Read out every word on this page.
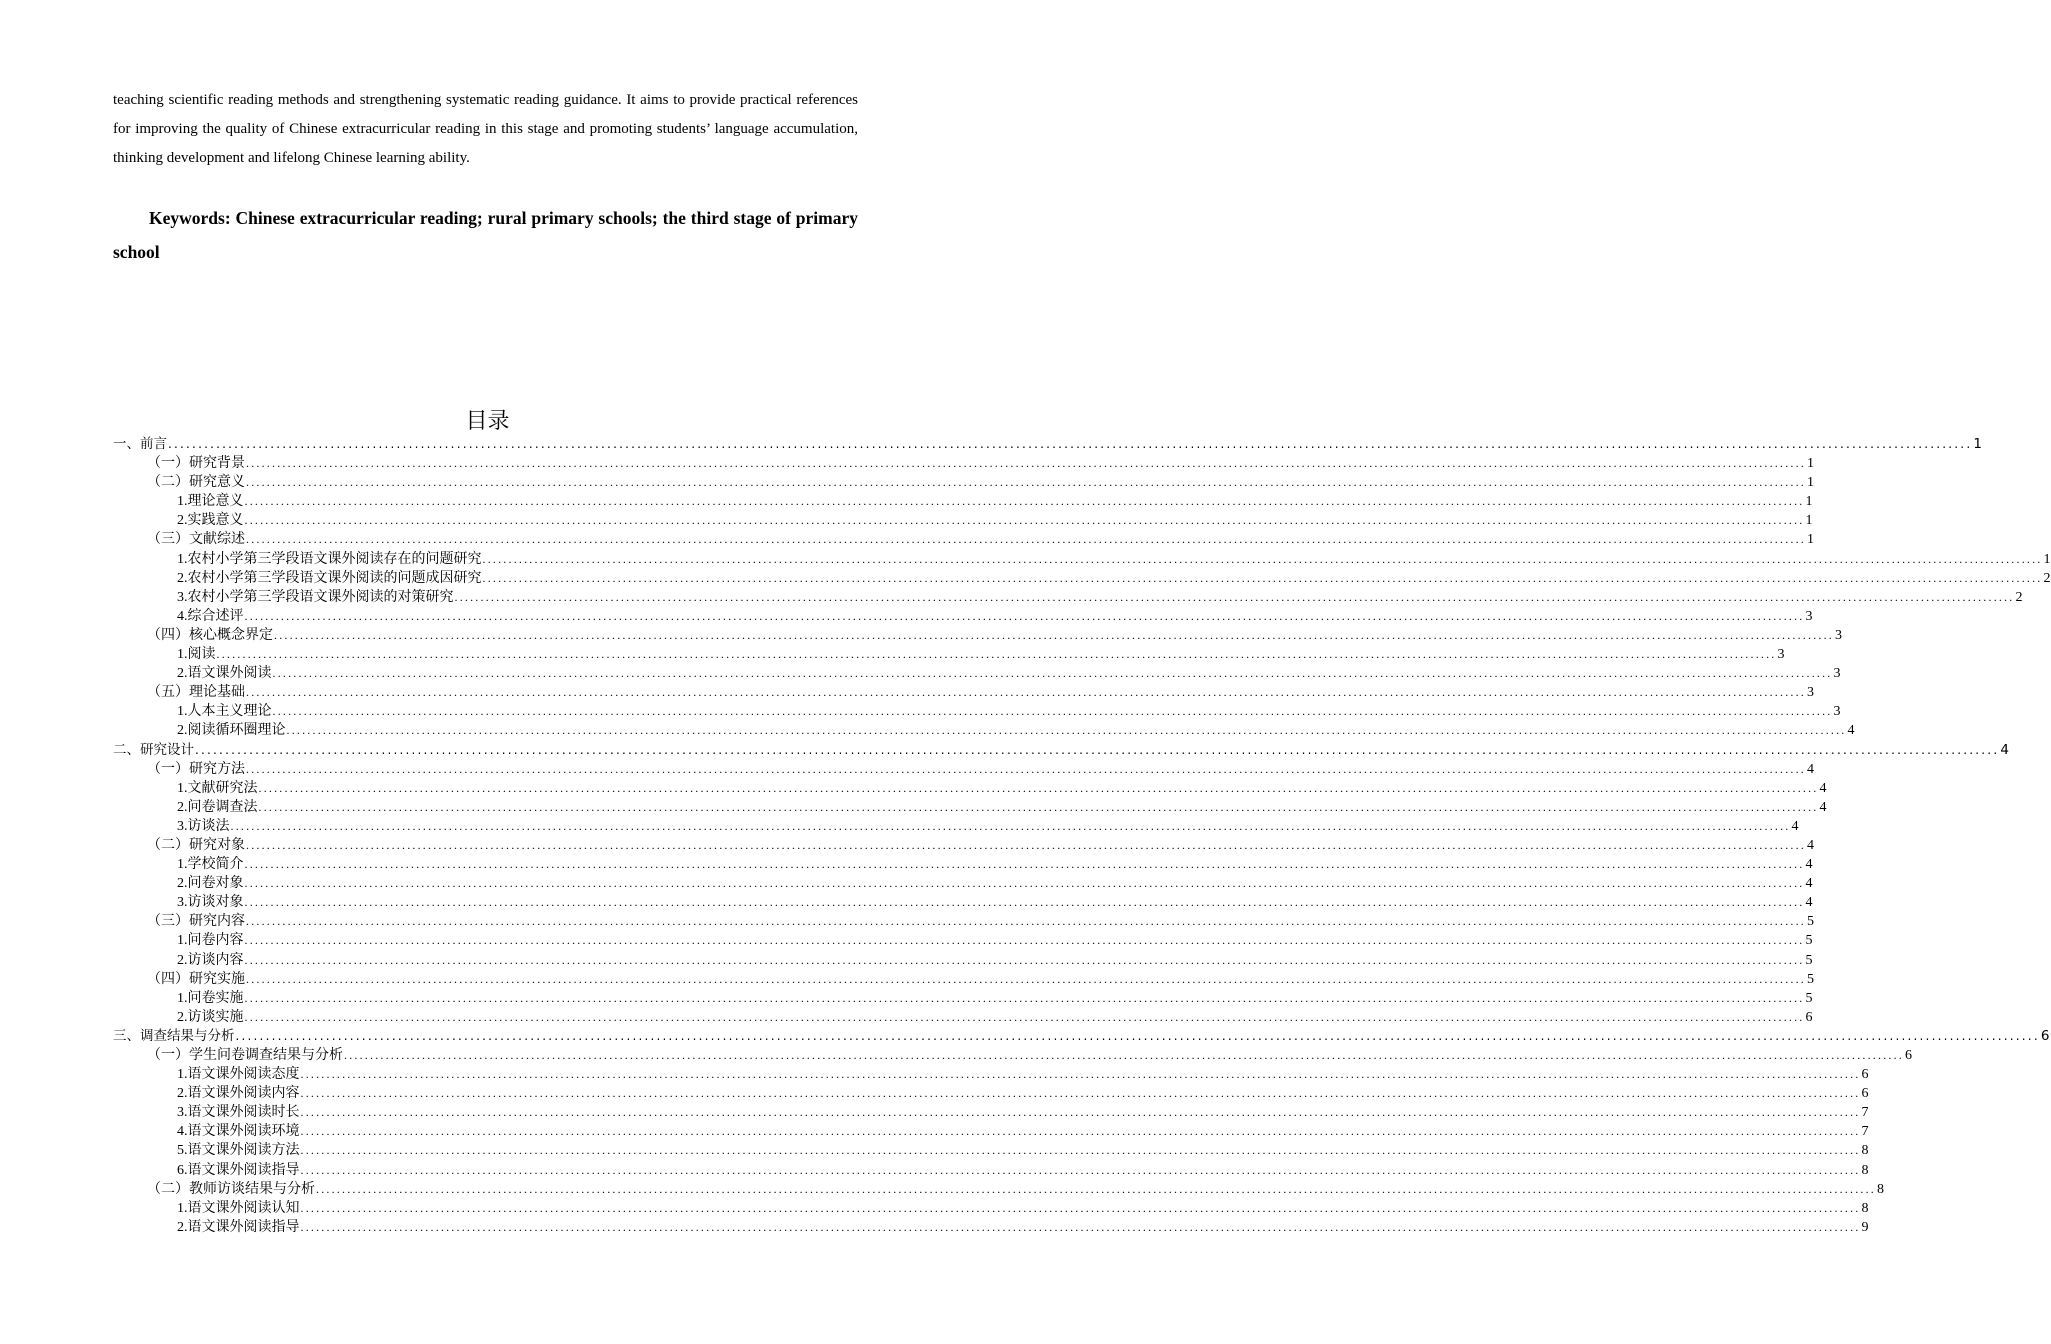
teaching scientific reading methods and strengthening systematic reading guidance. It aims to provide practical references for improving the quality of Chinese extracurricular reading in this stage and promoting students’ language accumulation, thinking development and lifelong Chinese learning ability.
Keywords: Chinese extracurricular reading; rural primary schools; the third stage of primary school
目录
一、前言 ............................................................................................................................................................................................................................................................................................................ 1
（一）研究背景 ............................................................................................................................................................................................................................................................................................................ 1
（二）研究意义 ............................................................................................................................................................................................................................................................................................................ 1
1.理论意义 ............................................................................................................................................................................................................................................................................................................ 1
2.实践意义 ............................................................................................................................................................................................................................................................................................................ 1
（三）文献综述 ............................................................................................................................................................................................................................................................................................................ 1
1.农村小学第三学段语文课外阅读存在的问题研究 ............................................................................................................................................................................................................................................................................................................ 1
2.农村小学第三学段语文课外阅读的问题成因研究 ............................................................................................................................................................................................................................................................................................................ 2
3.农村小学第三学段语文课外阅读的对策研究 ............................................................................................................................................................................................................................................................................................................ 2
4.综合述评 ............................................................................................................................................................................................................................................................................................................ 3
（四）核心概念界定 ............................................................................................................................................................................................................................................................................................................ 3
1.阅读 ............................................................................................................................................................................................................................................................................................................ 3
2.语文课外阅读 ............................................................................................................................................................................................................................................................................................................ 3
（五）理论基础 ............................................................................................................................................................................................................................................................................................................ 3
1.人本主义理论 ............................................................................................................................................................................................................................................................................................................ 3
2.阅读循环圈理论 ............................................................................................................................................................................................................................................................................................................ 4
二、研究设计 ............................................................................................................................................................................................................................................................................................................ 4
（一）研究方法 ............................................................................................................................................................................................................................................................................................................ 4
1.文献研究法 ............................................................................................................................................................................................................................................................................................................ 4
2.问卷调查法 ............................................................................................................................................................................................................................................................................................................ 4
3.访谈法 ............................................................................................................................................................................................................................................................................................................ 4
（二）研究对象 ............................................................................................................................................................................................................................................................................................................ 4
1.学校简介 ............................................................................................................................................................................................................................................................................................................ 4
2.问卷对象 ............................................................................................................................................................................................................................................................................................................ 4
3.访谈对象 ............................................................................................................................................................................................................................................................................................................ 4
（三）研究内容 ............................................................................................................................................................................................................................................................................................................ 5
1.问卷内容 ............................................................................................................................................................................................................................................................................................................ 5
2.访谈内容 ............................................................................................................................................................................................................................................................................................................ 5
（四）研究实施 ............................................................................................................................................................................................................................................................................................................ 5
1.问卷实施 ............................................................................................................................................................................................................................................................................................................ 5
2.访谈实施 ............................................................................................................................................................................................................................................................................................................ 6
三、调查结果与分析 ............................................................................................................................................................................................................................................................................................................ 6
（一）学生问卷调查结果与分析 ............................................................................................................................................................................................................................................................................................................ 6
1.语文课外阅读态度 ............................................................................................................................................................................................................................................................................................................ 6
2.语文课外阅读内容 ............................................................................................................................................................................................................................................................................................................ 6
3.语文课外阅读时长 ............................................................................................................................................................................................................................................................................................................ 7
4.语文课外阅读环境 ............................................................................................................................................................................................................................................................................................................ 7
5.语文课外阅读方法 ............................................................................................................................................................................................................................................................................................................ 8
6.语文课外阅读指导 ............................................................................................................................................................................................................................................................................................................ 8
（二）教师访谈结果与分析 ............................................................................................................................................................................................................................................................................................................ 8
1.语文课外阅读认知 ............................................................................................................................................................................................................................................................................................................ 8
2.语文课外阅读指导 ............................................................................................................................................................................................................................................................................................................ 9
